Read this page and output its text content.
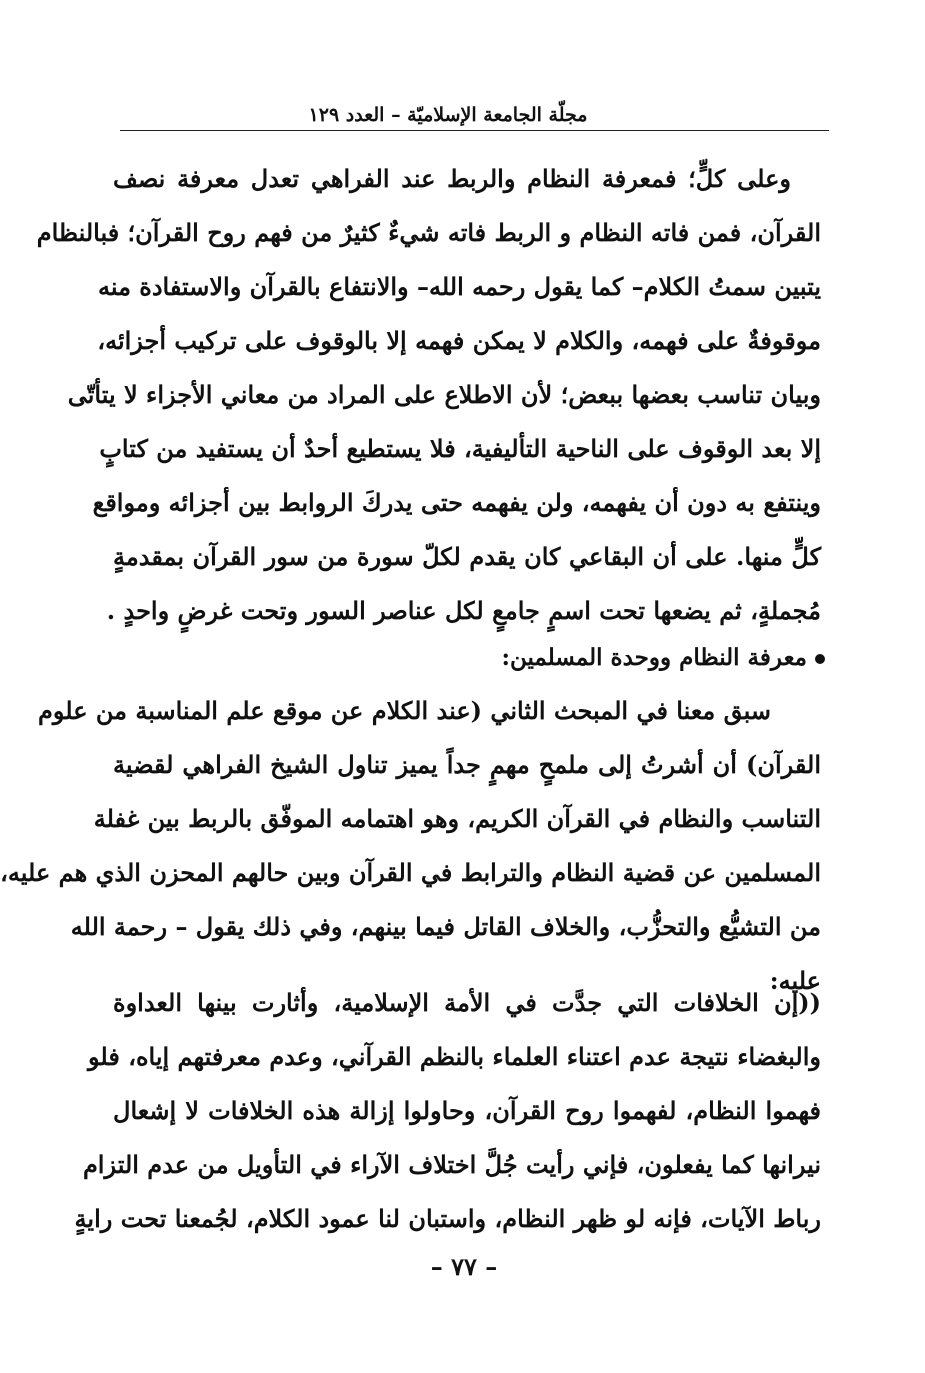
مجلّة الجامعة الإسلاميّة – العدد ١٢٩
وعلى كلٍّ؛ فمعرفة النظام والربط عند الفراهي تعدل معرفة نصف
القرآن، فمن فاته النظام و الربط فاته شيءٌ كثيرٌ من فهم روح القرآن؛ فبالنظام
يتبين سمتُ الكلام– كما يقول رحمه الله– والانتفاع بالقرآن والاستفادة منه
موقوفةٌ على فهمه، والكلام لا يمكن فهمه إلا بالوقوف على تركيب أجزائه،
وبيان تناسب بعضها ببعض؛ لأن الاطلاع على المراد من معاني الأجزاء لا يتأتّى
إلا بعد الوقوف على الناحية التأليفية، فلا يستطيع أحدٌ أن يستفيد من كتابٍ
وينتفع به دون أن يفهمه، ولن يفهمه حتى يدركَ الروابط بين أجزائه ومواقع
كلٍّ منها. على أن البقاعي كان يقدم لكلّ سورة من سور القرآن بمقدمةٍ
مُجملةٍ، ثم يضعها تحت اسمٍ جامعٍ لكل عناصر السور وتحت غرضٍ واحدٍ .
معرفة النظام ووحدة المسلمين:
سبق معنا في المبحث الثاني (عند الكلام عن موقع علم المناسبة من علوم
القرآن) أن أشرتُ إلى ملمحٍ مهمٍ جداً يميز تناول الشيخ الفراهي لقضية
التناسب والنظام في القرآن الكريم، وهو اهتمامه الموفّق بالربط بين غفلة
المسلمين عن قضية النظام والترابط في القرآن وبين حالهم المحزن الذي هم عليه،
من التشيُّع والتحزُّب، والخلاف القاتل فيما بينهم، وفي ذلك يقول – رحمة الله
عليه:
((إن الخلافات التي جدَّت في الأمة الإسلامية، وأثارت بينها العداوة
والبغضاء نتيجة عدم اعتناء العلماء بالنظم القرآني، وعدم معرفتهم إياه، فلو
فهموا النظام، لفهموا روح القرآن، وحاولوا إزالة هذه الخلافات لا إشعال
نيرانها كما يفعلون، فإني رأيت جُلَّ اختلاف الآراء في التأويل من عدم التزام
رباط الآيات، فإنه لو ظهر النظام، واستبان لنا عمود الكلام، لجُمعنا تحت رايةٍ
– ٧٧ –
